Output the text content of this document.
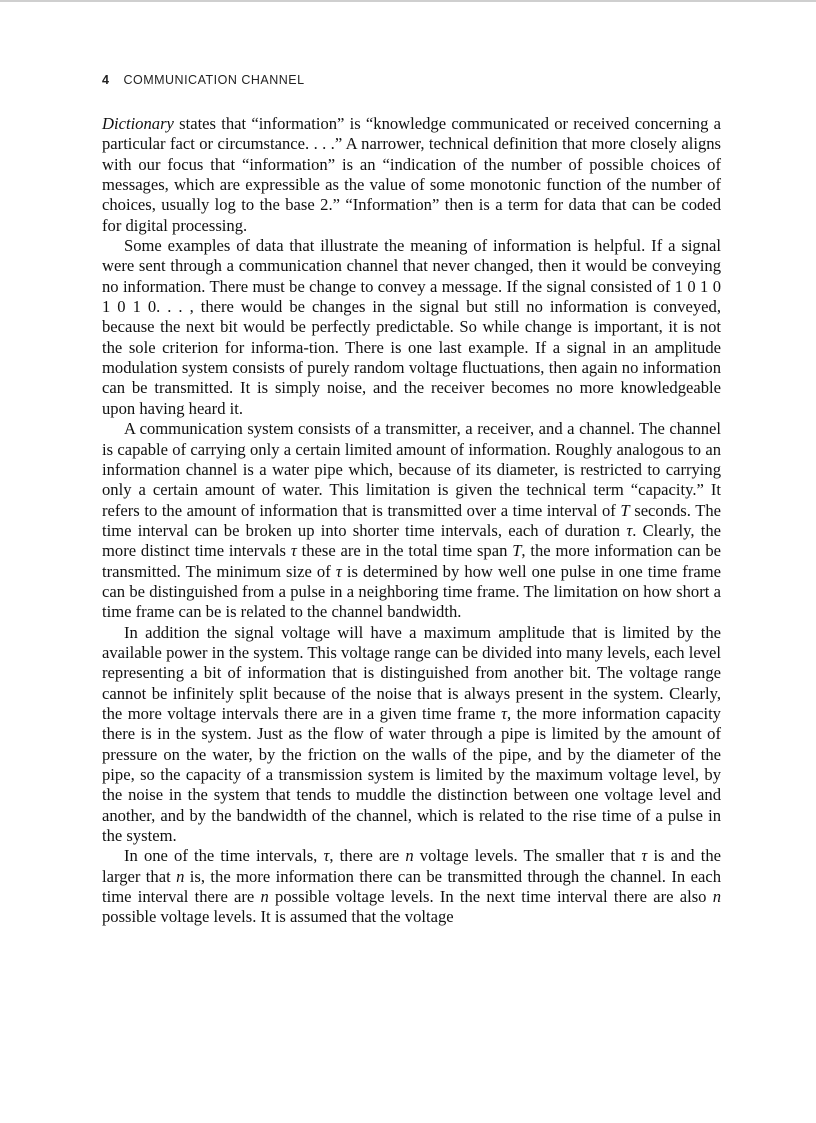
4 COMMUNICATION CHANNEL

Dictionary states that “information” is “knowledge communicated or received concerning a particular fact or circumstance. . . .” A narrower, technical definition that more closely aligns with our focus that “information” is an “indication of the number of possible choices of messages, which are expressible as the value of some monotonic function of the number of choices, usually log to the base 2.” “Information” then is a term for data that can be coded for digital processing.

Some examples of data that illustrate the meaning of information is helpful. If a signal were sent through a communication channel that never changed, then it would be conveying no information. There must be change to convey a message. If the signal consisted of 1 0 1 0 1 0 1 0. . . , there would be changes in the signal but still no information is conveyed, because the next bit would be perfectly predictable. So while change is important, it is not the sole criterion for informa-tion. There is one last example. If a signal in an amplitude modulation system consists of purely random voltage fluctuations, then again no information can be transmitted. It is simply noise, and the receiver becomes no more knowledgeable upon having heard it.

A communication system consists of a transmitter, a receiver, and a channel. The channel is capable of carrying only a certain limited amount of information. Roughly analogous to an information channel is a water pipe which, because of its diameter, is restricted to carrying only a certain amount of water. This limitation is given the technical term “capacity.” It refers to the amount of information that is transmitted over a time interval of T seconds. The time interval can be broken up into shorter time intervals, each of duration τ. Clearly, the more distinct time intervals τ these are in the total time span T, the more information can be transmitted. The minimum size of τ is determined by how well one pulse in one time frame can be distinguished from a pulse in a neighboring time frame. The limitation on how short a time frame can be is related to the channel bandwidth.

In addition the signal voltage will have a maximum amplitude that is limited by the available power in the system. This voltage range can be divided into many levels, each level representing a bit of information that is distinguished from another bit. The voltage range cannot be infinitely split because of the noise that is always present in the system. Clearly, the more voltage intervals there are in a given time frame τ, the more information capacity there is in the system. Just as the flow of water through a pipe is limited by the amount of pressure on the water, by the friction on the walls of the pipe, and by the diameter of the pipe, so the capacity of a transmission system is limited by the maximum voltage level, by the noise in the system that tends to muddle the distinction between one voltage level and another, and by the bandwidth of the channel, which is related to the rise time of a pulse in the system.

In one of the time intervals, τ, there are n voltage levels. The smaller that τ is and the larger that n is, the more information there can be transmitted through the channel. In each time interval there are n possible voltage levels. In the next time interval there are also n possible voltage levels. It is assumed that the voltage
